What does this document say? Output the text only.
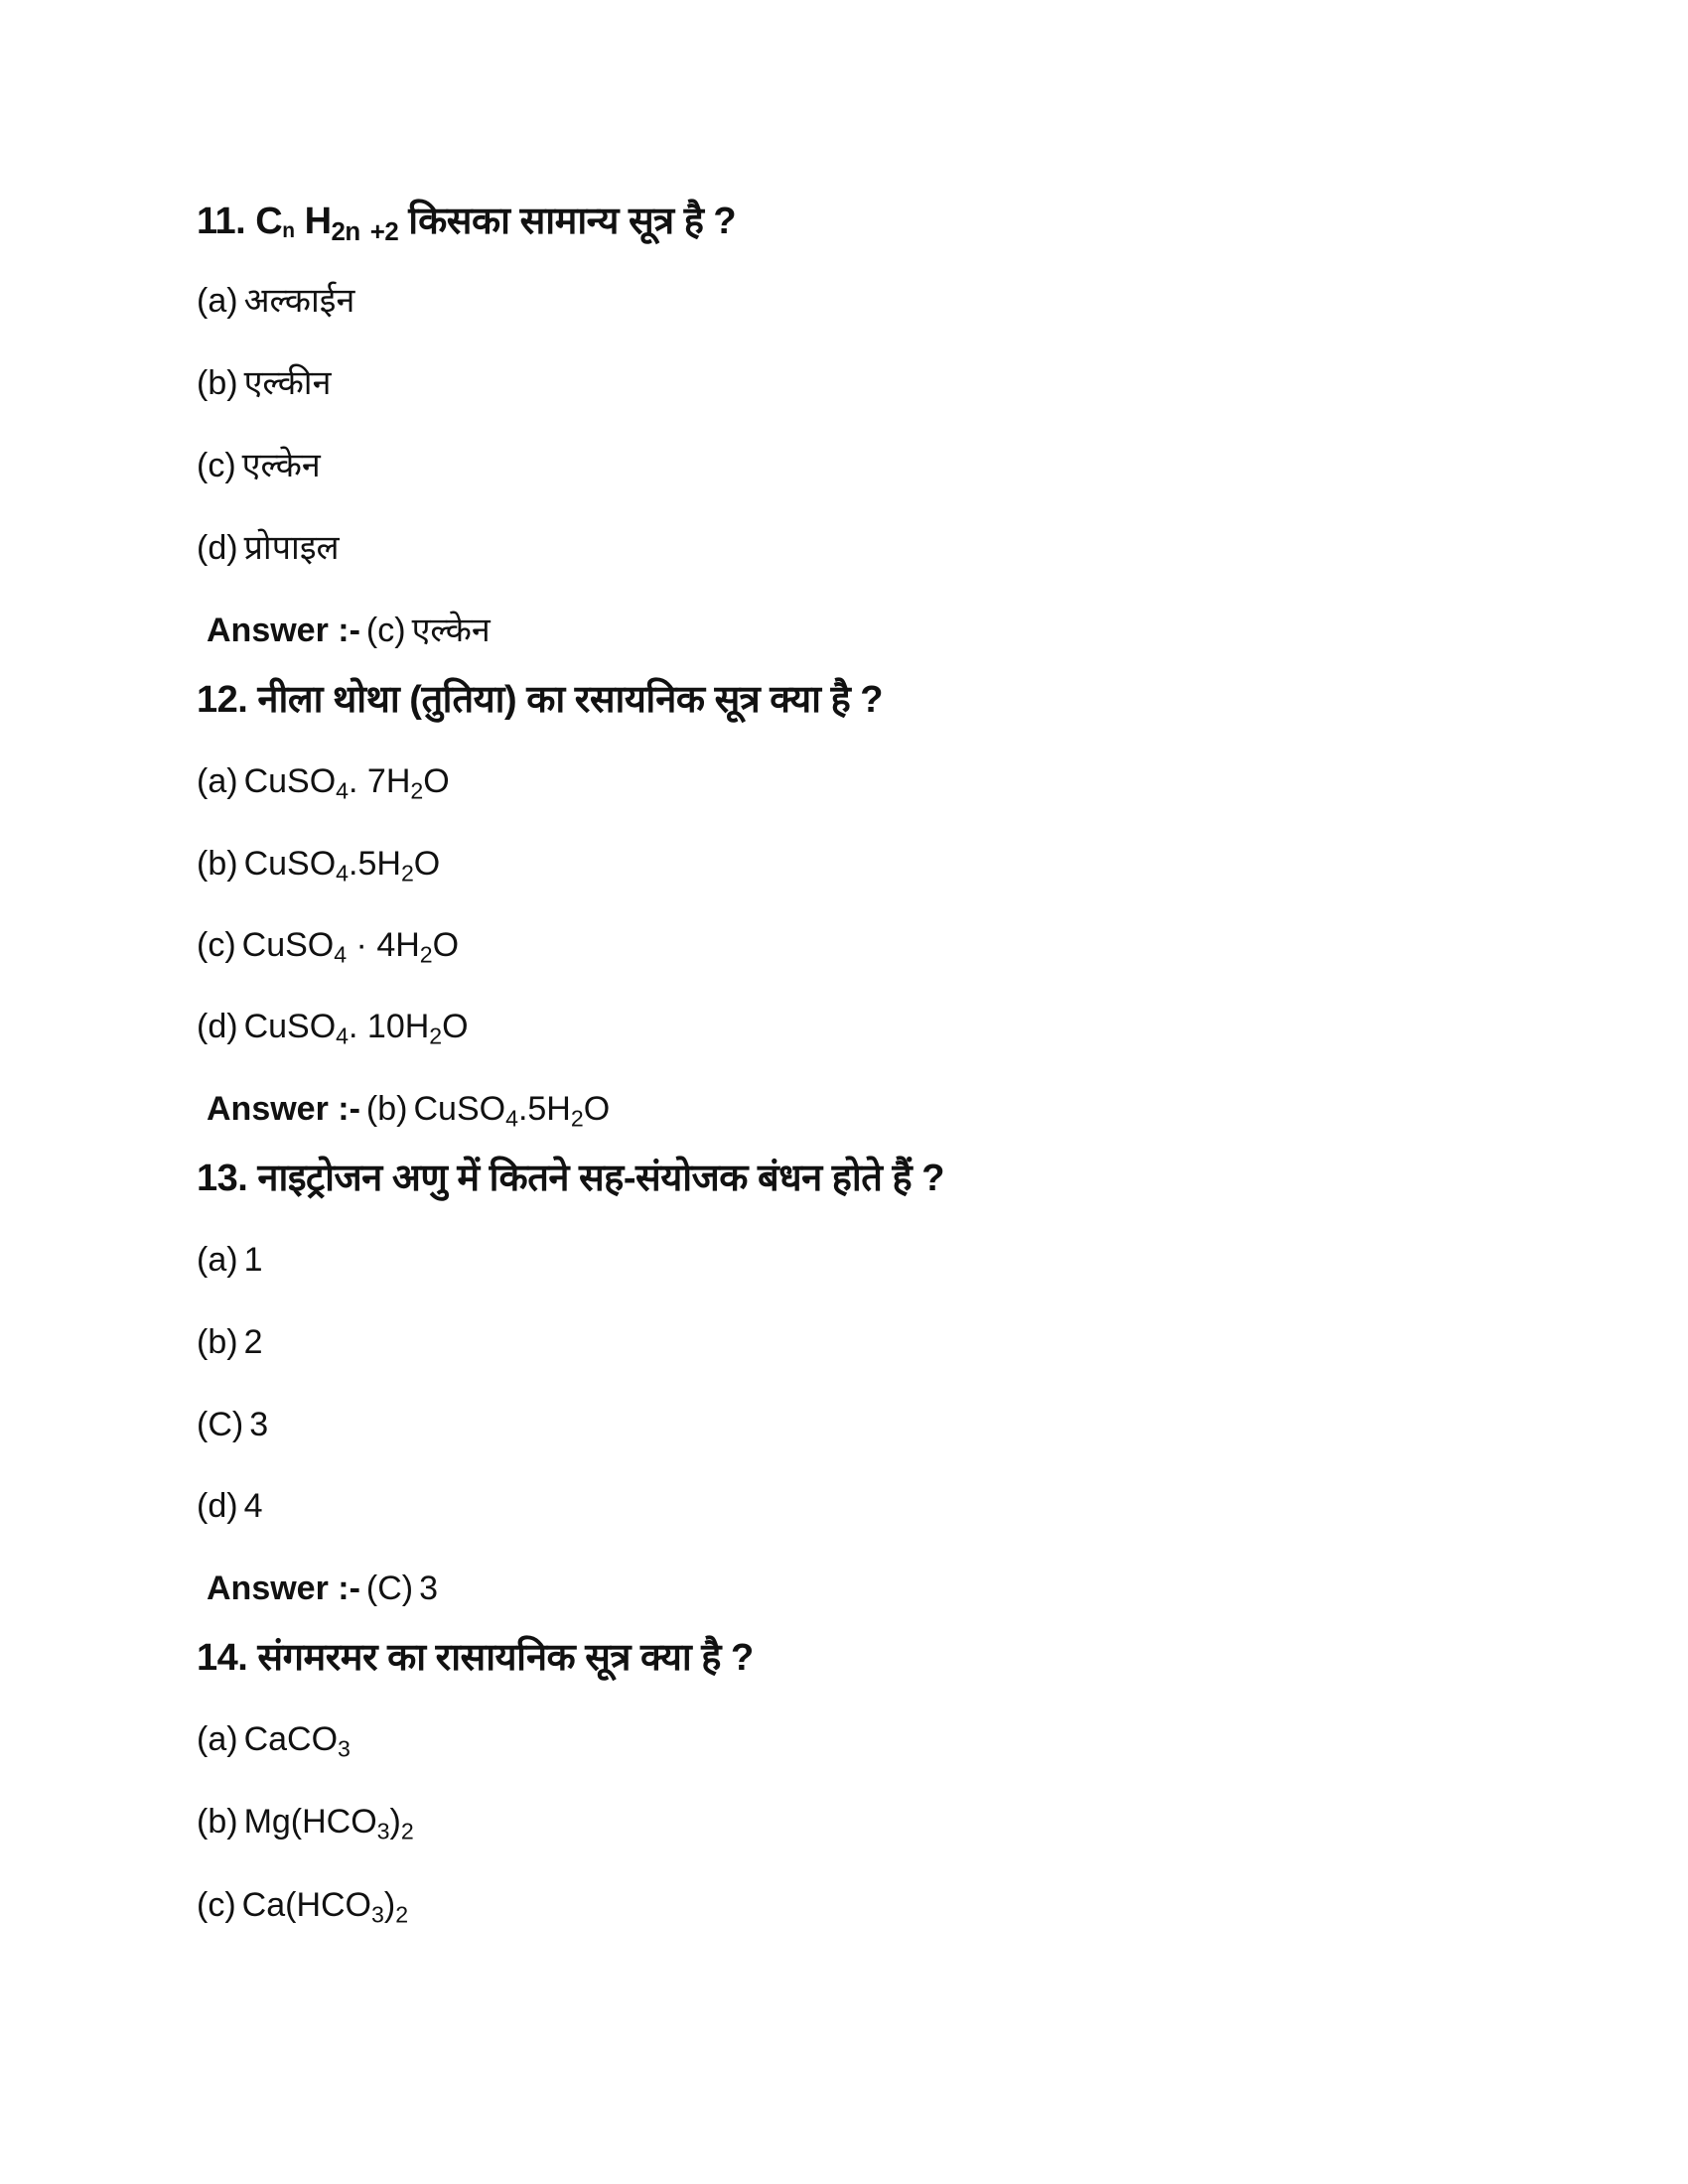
11. Cn $H_{2n}$ $_{+2}$ किसका सामान्य सूत्र है ?
(a) अल्काईन
(b) एल्कीन
(c) एल्केन
(d) प्रोपाइल
Answer :- (c) एल्केन
12. नीला थोथा (तुतिया) का रसायनिक सूत्र क्या है ?
(a) CuSO$_4$. $7H_2O$
(b) $CuSO_4.5H_2O$
(c) CuSO$_4$ · $4H_2O$
(d) CuSO$_4$. $10H_2O$
Answer :- (b) $CuSO_4.5H_2O$
13. नाइट्रोजन अणु में कितने सह-संयोजक बंधन होते हैं ?
(a) 1
(b) 2
(C) 3
(d) 4
Answer :- (C) 3
14. संगमरमर का रासायनिक सूत्र क्या है ?
(a) CaCO$_3$
(b) $Mg(HCO_3)_2$
(c) $Ca(HCO_3)_2$
